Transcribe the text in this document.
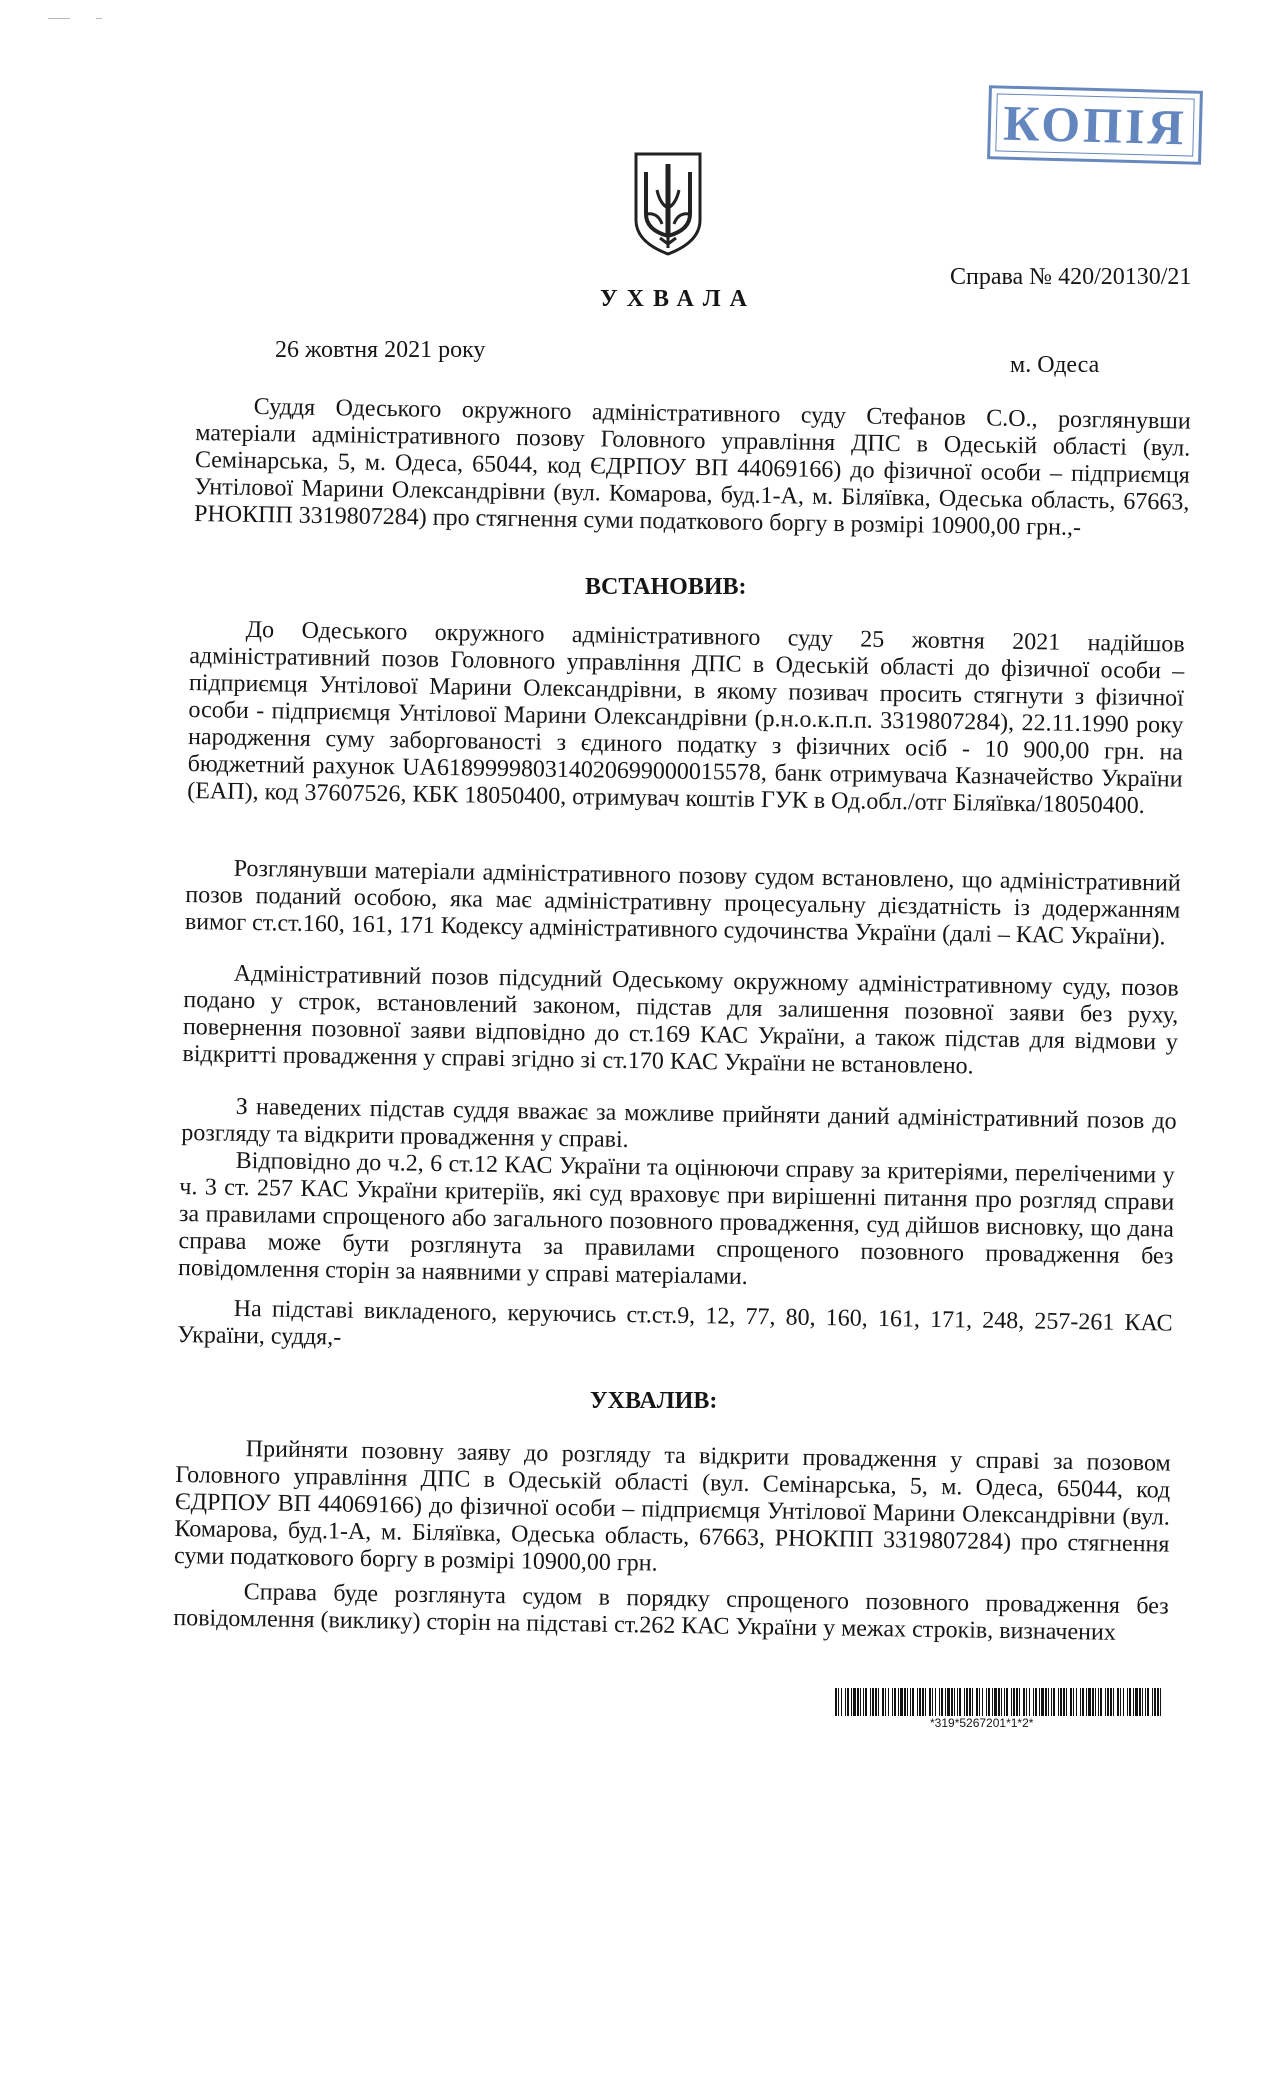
КОПІЯ
Справа № 420/20130/21
УХВАЛА
26 жовтня 2021 року
м. Одеса
Суддя Одеського окружного адміністративного суду Стефанов С.О., розглянувши матеріали адміністративного позову Головного управління ДПС в Одеській області (вул. Семінарська, 5, м. Одеса, 65044, код ЄДРПОУ ВП 44069166) до фізичної особи – підприємця Унтілової Марини Олександрівни (вул. Комарова, буд.1-А, м. Біляївка, Одеська область, 67663, РНОКПП 3319807284) про стягнення суми податкового боргу в розмірі 10900,00 грн.,-
ВСТАНОВИВ:
До Одеського окружного адміністративного суду 25 жовтня 2021 надійшов адміністративний позов Головного управління ДПС в Одеській області до фізичної особи – підприємця Унтілової Марини Олександрівни, в якому позивач просить стягнути з фізичної особи - підприємця Унтілової Марини Олександрівни (р.н.о.к.п.п. 3319807284), 22.11.1990 року народження суму заборгованості з єдиного податку з фізичних осіб - 10 900,00 грн. на бюджетний рахунок UA618999980314020699000015578, банк отримувача Казначейство України (ЕАП), код 37607526, КБК 18050400, отримувач коштів ГУК в Од.обл./отг Біляївка/18050400.
Розглянувши матеріали адміністративного позову судом встановлено, що адміністративний позов поданий особою, яка має адміністративну процесуальну дієздатність із додержанням вимог ст.ст.160, 161, 171 Кодексу адміністративного судочинства України (далі – КАС України).
Адміністративний позов підсудний Одеському окружному адміністративному суду, позов подано у строк, встановлений законом, підстав для залишення позовної заяви без руху, повернення позовної заяви відповідно до ст.169 КАС України, а також підстав для відмови у відкритті провадження у справі згідно зі ст.170 КАС України не встановлено.
З наведених підстав суддя вважає за можливе прийняти даний адміністративний позов до розгляду та відкрити провадження у справі.
Відповідно до ч.2, 6 ст.12 КАС України та оцінюючи справу за критеріями, переліченими у ч. 3 ст. 257 КАС України критеріїв, які суд враховує при вирішенні питання про розгляд справи за правилами спрощеного або загального позовного провадження, суд дійшов висновку, що дана справа може бути розглянута за правилами спрощеного позовного провадження без повідомлення сторін за наявними у справі матеріалами.
На підставі викладеного, керуючись ст.ст.9, 12, 77, 80, 160, 161, 171, 248, 257-261 КАС України, суддя,-
УХВАЛИВ:
Прийняти позовну заяву до розгляду та відкрити провадження у справі за позовом Головного управління ДПС в Одеській області (вул. Семінарська, 5, м. Одеса, 65044, код ЄДРПОУ ВП 44069166) до фізичної особи – підприємця Унтілової Марини Олександрівни (вул. Комарова, буд.1-А, м. Біляївка, Одеська область, 67663, РНОКПП 3319807284) про стягнення суми податкового боргу в розмірі 10900,00 грн.
Справа буде розглянута судом в порядку спрощеного позовного провадження без повідомлення (виклику) сторін на підставі ст.262 КАС України у межах строків, визначених
*319*5267201*1*2*
